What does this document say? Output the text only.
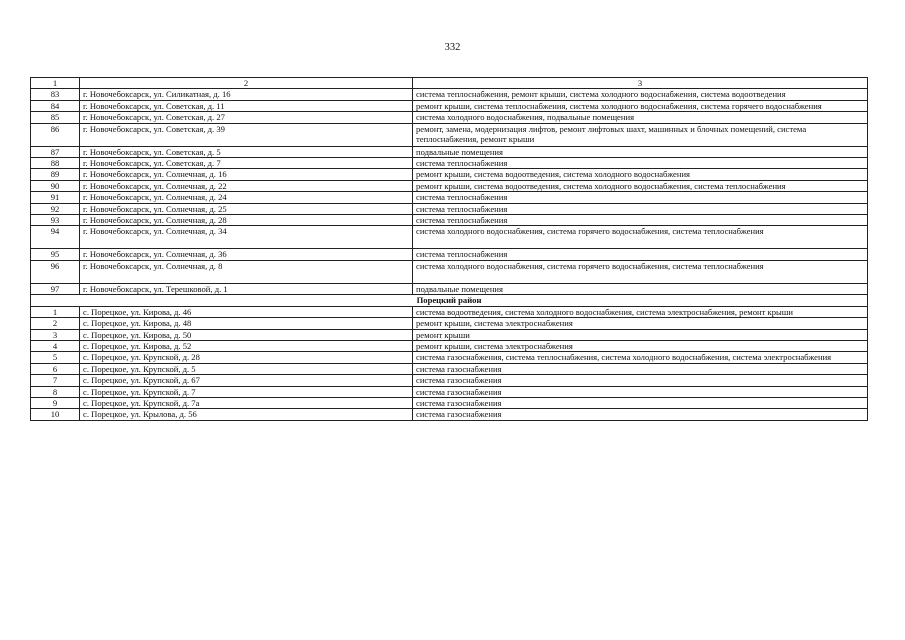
332
1	2	3
83	г. Новочебоксарск, ул. Силикатная, д. 16	система теплоснабжения, ремонт крыши, система холодного водоснабжения, система водоотведения
84	г. Новочебоксарск, ул. Советская, д. 11	ремонт крыши, система теплоснабжения, система холодного водоснабжения, система горячего водоснабжения
85	г. Новочебоксарск, ул. Советская, д. 27	система холодного водоснабжения, подвальные помещения
86	г. Новочебоксарск, ул. Советская, д. 39	ремонт, замена, модернизация лифтов, ремонт лифтовых шахт, машинных и блочных помещений, система теплоснабжения, ремонт крыши
87	г. Новочебоксарск, ул. Советская, д. 5	подвальные помещения
88	г. Новочебоксарск, ул. Советская, д. 7	система теплоснабжения
89	г. Новочебоксарск, ул. Солнечная, д. 16	ремонт крыши, система водоотведения, система холодного водоснабжения
90	г. Новочебоксарск, ул. Солнечная, д. 22	ремонт крыши, система водоотведения, система холодного водоснабжения, система теплоснабжения
91	г. Новочебоксарск, ул. Солнечная, д. 24	система теплоснабжения
92	г. Новочебоксарск, ул. Солнечная, д. 25	система теплоснабжения
93	г. Новочебоксарск, ул. Солнечная, д. 28	система теплоснабжения
94	г. Новочебоксарск, ул. Солнечная, д. 34	система холодного водоснабжения, система горячего водоснабжения, система теплоснабжения
95	г. Новочебоксарск, ул. Солнечная, д. 36	система теплоснабжения
96	г. Новочебоксарск, ул. Солнечная, д. 8	система холодного водоснабжения, система горячего водоснабжения, система теплоснабжения
97	г. Новочебоксарск, ул. Терешковой, д. 1	подвальные помещения
Порецкий район		
1	с. Порецкое, ул. Кирова, д. 46	система водоотведения, система холодного водоснабжения, система электроснабжения, ремонт крыши
2	с. Порецкое, ул. Кирова, д. 48	ремонт крыши, система электроснабжения
3	с. Порецкое, ул. Кирова, д. 50	ремонт крыши
4	с. Порецкое, ул. Кирова, д. 52	ремонт крыши, система электроснабжения
5	с. Порецкое, ул. Крупской, д. 28	система газоснабжения, система теплоснабжения, система холодного водоснабжения, система электроснабжения
6	с. Порецкое, ул. Крупской, д. 5	система газоснабжения
7	с. Порецкое, ул. Крупской, д. 67	система газоснабжения
8	с. Порецкое, ул. Крупской, д. 7	система газоснабжения
9	с. Порецкое, ул. Крупской, д. 7а	система газоснабжения
10	с. Порецкое, ул. Крылова, д. 56	система газоснабжения
